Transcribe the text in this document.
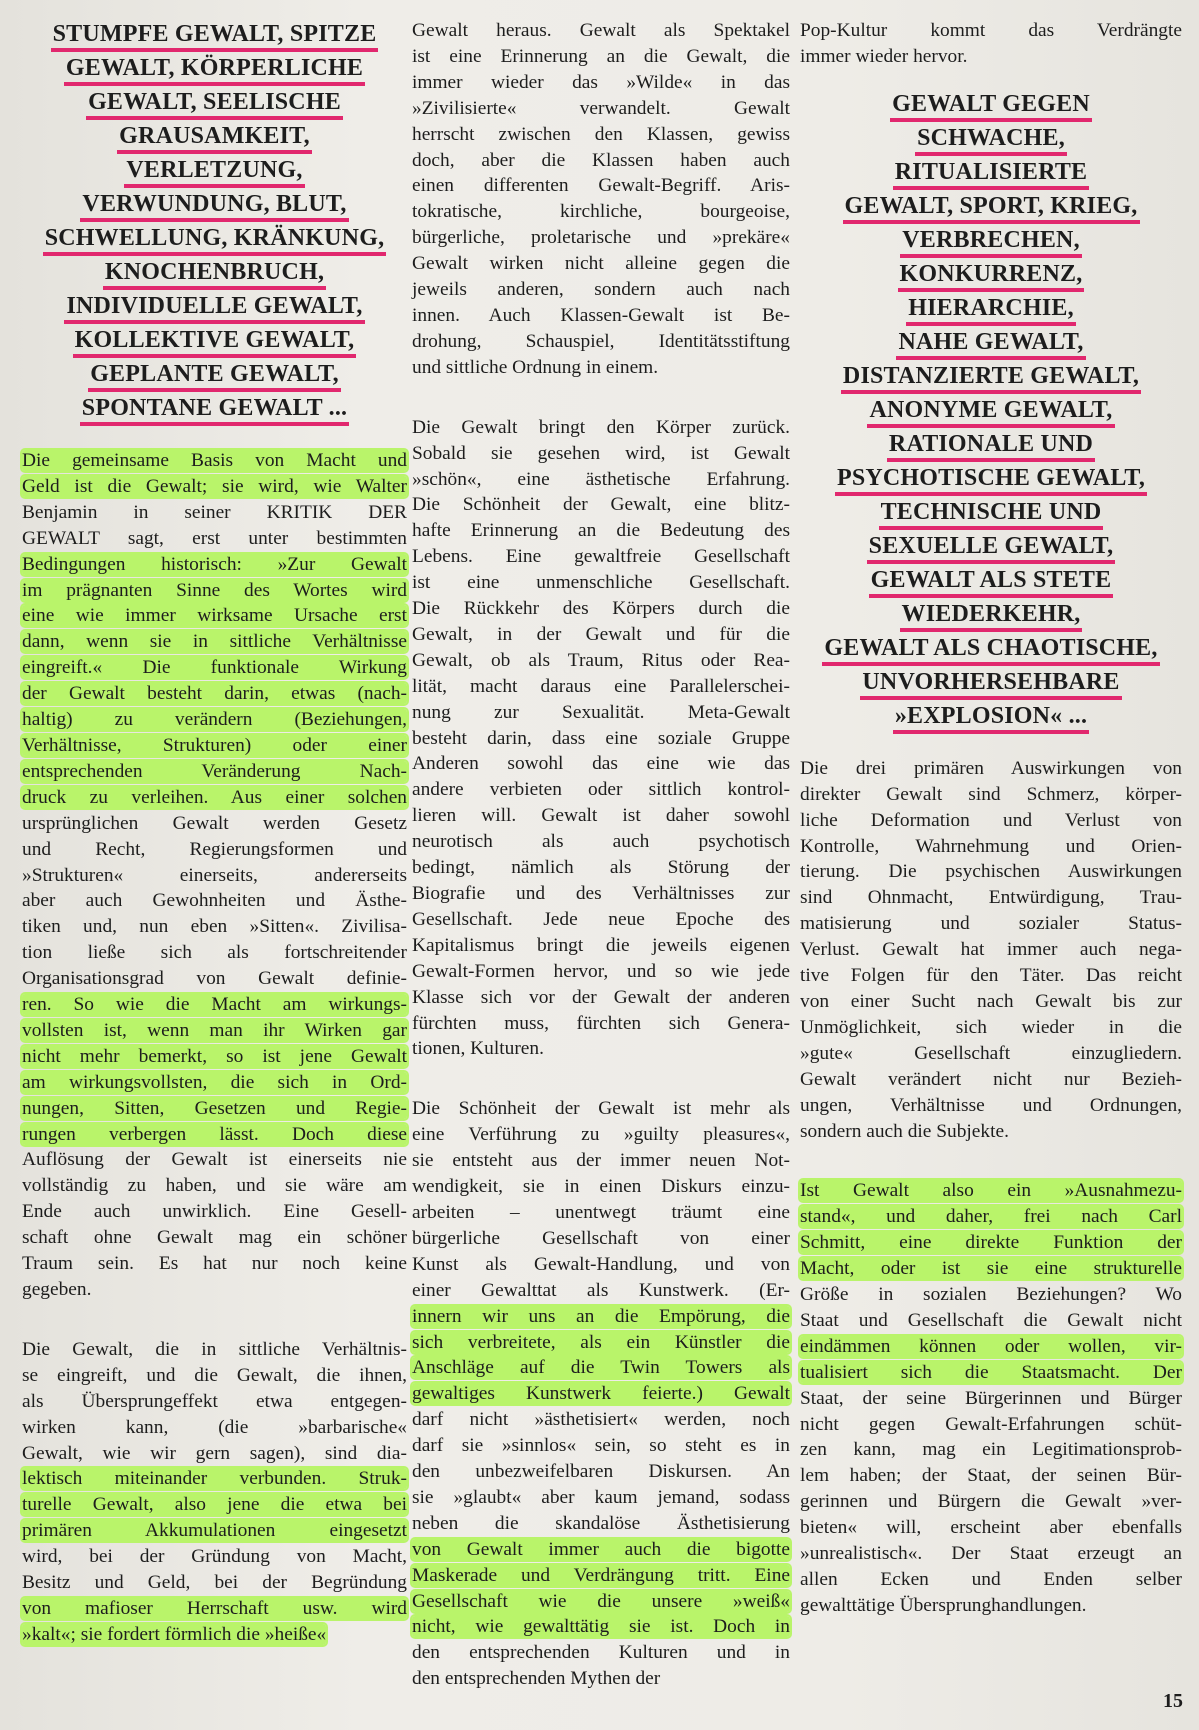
STUMPFE GEWALT, SPITZE
GEWALT, KÖRPERLICHE
GEWALT, SEELISCHE
GRAUSAMKEIT,
VERLETZUNG,
VERWUNDUNG, BLUT,
SCHWELLUNG, KRÄNKUNG,
KNOCHENBRUCH,
INDIVIDUELLE GEWALT,
KOLLEKTIVE GEWALT,
GEPLANTE GEWALT,
SPONTANE GEWALT ...
Die gemeinsame Basis von Macht und
Geld ist die Gewalt; sie wird, wie Walter
Benjamin in seiner KRITIK DER
GEWALT sagt, erst unter bestimmten
Bedingungen historisch: »Zur Gewalt
im prägnanten Sinne des Wortes wird
eine wie immer wirksame Ursache erst
dann, wenn sie in sittliche Verhältnisse
eingreift.« Die funktionale Wirkung
der Gewalt besteht darin, etwas (nach-
haltig) zu verändern (Beziehungen,
Verhältnisse, Strukturen) oder einer
entsprechenden Veränderung Nach-
druck zu verleihen. Aus einer solchen
ursprünglichen Gewalt werden Gesetz
und Recht, Regierungsformen und
»Strukturen« einerseits, andererseits
aber auch Gewohnheiten und Ästhe-
tiken und, nun eben »Sitten«. Zivilisa-
tion ließe sich als fortschreitender
Organisationsgrad von Gewalt definie-
ren. So wie die Macht am wirkungs-
vollsten ist, wenn man ihr Wirken gar
nicht mehr bemerkt, so ist jene Gewalt
am wirkungsvollsten, die sich in Ord-
nungen, Sitten, Gesetzen und Regie-
rungen verbergen lässt. Doch diese
Auflösung der Gewalt ist einerseits nie
vollständig zu haben, und sie wäre am
Ende auch unwirklich. Eine Gesell-
schaft ohne Gewalt mag ein schöner
Traum sein. Es hat nur noch keine
gegeben.
Die Gewalt, die in sittliche Verhältnis-
se eingreift, und die Gewalt, die ihnen,
als Übersprungeffekt etwa entgegen-
wirken kann, (die »barbarische«
Gewalt, wie wir gern sagen), sind dia-
lektisch miteinander verbunden. Struk-
turelle Gewalt, also jene die etwa bei
primären Akkumulationen eingesetzt
wird, bei der Gründung von Macht,
Besitz und Geld, bei der Begründung
von mafioser Herrschaft usw. wird
»kalt«; sie fordert förmlich die »heiße«
Gewalt heraus. Gewalt als Spektakel
ist eine Erinnerung an die Gewalt, die
immer wieder das »Wilde« in das
»Zivilisierte« verwandelt. Gewalt
herrscht zwischen den Klassen, gewiss
doch, aber die Klassen haben auch
einen differenten Gewalt-Begriff. Aris-
tokratische, kirchliche, bourgeoise,
bürgerliche, proletarische und »prekäre«
Gewalt wirken nicht alleine gegen die
jeweils anderen, sondern auch nach
innen. Auch Klassen-Gewalt ist Be-
drohung, Schauspiel, Identitätsstiftung
und sittliche Ordnung in einem.
Die Gewalt bringt den Körper zurück.
Sobald sie gesehen wird, ist Gewalt
»schön«, eine ästhetische Erfahrung.
Die Schönheit der Gewalt, eine blitz-
hafte Erinnerung an die Bedeutung des
Lebens. Eine gewaltfreie Gesellschaft
ist eine unmenschliche Gesellschaft.
Die Rückkehr des Körpers durch die
Gewalt, in der Gewalt und für die
Gewalt, ob als Traum, Ritus oder Rea-
lität, macht daraus eine Parallelerschei-
nung zur Sexualität. Meta-Gewalt
besteht darin, dass eine soziale Gruppe
Anderen sowohl das eine wie das
andere verbieten oder sittlich kontrol-
lieren will. Gewalt ist daher sowohl
neurotisch als auch psychotisch
bedingt, nämlich als Störung der
Biografie und des Verhältnisses zur
Gesellschaft. Jede neue Epoche des
Kapitalismus bringt die jeweils eigenen
Gewalt-Formen hervor, und so wie jede
Klasse sich vor der Gewalt der anderen
fürchten muss, fürchten sich Genera-
tionen, Kulturen.
Die Schönheit der Gewalt ist mehr als
eine Verführung zu »guilty pleasures«,
sie entsteht aus der immer neuen Not-
wendigkeit, sie in einen Diskurs einzu-
arbeiten – unentwegt träumt eine
bürgerliche Gesellschaft von einer
Kunst als Gewalt-Handlung, und von
einer Gewalttat als Kunstwerk. (Er-
innern wir uns an die Empörung, die
sich verbreitete, als ein Künstler die
Anschläge auf die Twin Towers als
gewaltiges Kunstwerk feierte.) Gewalt
darf nicht »ästhetisiert« werden, noch
darf sie »sinnlos« sein, so steht es in
den unbezweifelbaren Diskursen. An
sie »glaubt« aber kaum jemand, sodass
neben die skandalöse Ästhetisierung
von Gewalt immer auch die bigotte
Maskerade und Verdrängung tritt. Eine
Gesellschaft wie die unsere »weiß«
nicht, wie gewalttätig sie ist. Doch in
den entsprechenden Kulturen und in
den entsprechenden Mythen der
Pop-Kultur kommt das Verdrängte
immer wieder hervor.
GEWALT GEGEN
SCHWACHE,
RITUALISIERTE
GEWALT, SPORT, KRIEG,
VERBRECHEN,
KONKURRENZ,
HIERARCHIE,
NAHE GEWALT,
DISTANZIERTE GEWALT,
ANONYME GEWALT,
RATIONALE UND
PSYCHOTISCHE GEWALT,
TECHNISCHE UND
SEXUELLE GEWALT,
GEWALT ALS STETE
WIEDERKEHR,
GEWALT ALS CHAOTISCHE,
UNVORHERSEHBARE
»EXPLOSION« ...
Die drei primären Auswirkungen von
direkter Gewalt sind Schmerz, körper-
liche Deformation und Verlust von
Kontrolle, Wahrnehmung und Orien-
tierung. Die psychischen Auswirkungen
sind Ohnmacht, Entwürdigung, Trau-
matisierung und sozialer Status-
Verlust. Gewalt hat immer auch nega-
tive Folgen für den Täter. Das reicht
von einer Sucht nach Gewalt bis zur
Unmöglichkeit, sich wieder in die
»gute« Gesellschaft einzugliedern.
Gewalt verändert nicht nur Bezieh-
ungen, Verhältnisse und Ordnungen,
sondern auch die Subjekte.
Ist Gewalt also ein »Ausnahmezu-
stand«, und daher, frei nach Carl
Schmitt, eine direkte Funktion der
Macht, oder ist sie eine strukturelle
Größe in sozialen Beziehungen? Wo
Staat und Gesellschaft die Gewalt nicht
eindämmen können oder wollen, vir-
tualisiert sich die Staatsmacht. Der
Staat, der seine Bürgerinnen und Bürger
nicht gegen Gewalt-Erfahrungen schüt-
zen kann, mag ein Legitimationsprob-
lem haben; der Staat, der seinen Bür-
gerinnen und Bürgern die Gewalt »ver-
bieten« will, erscheint aber ebenfalls
»unrealistisch«. Der Staat erzeugt an
allen Ecken und Enden selber
gewalttätige Übersprunghandlungen.
15
